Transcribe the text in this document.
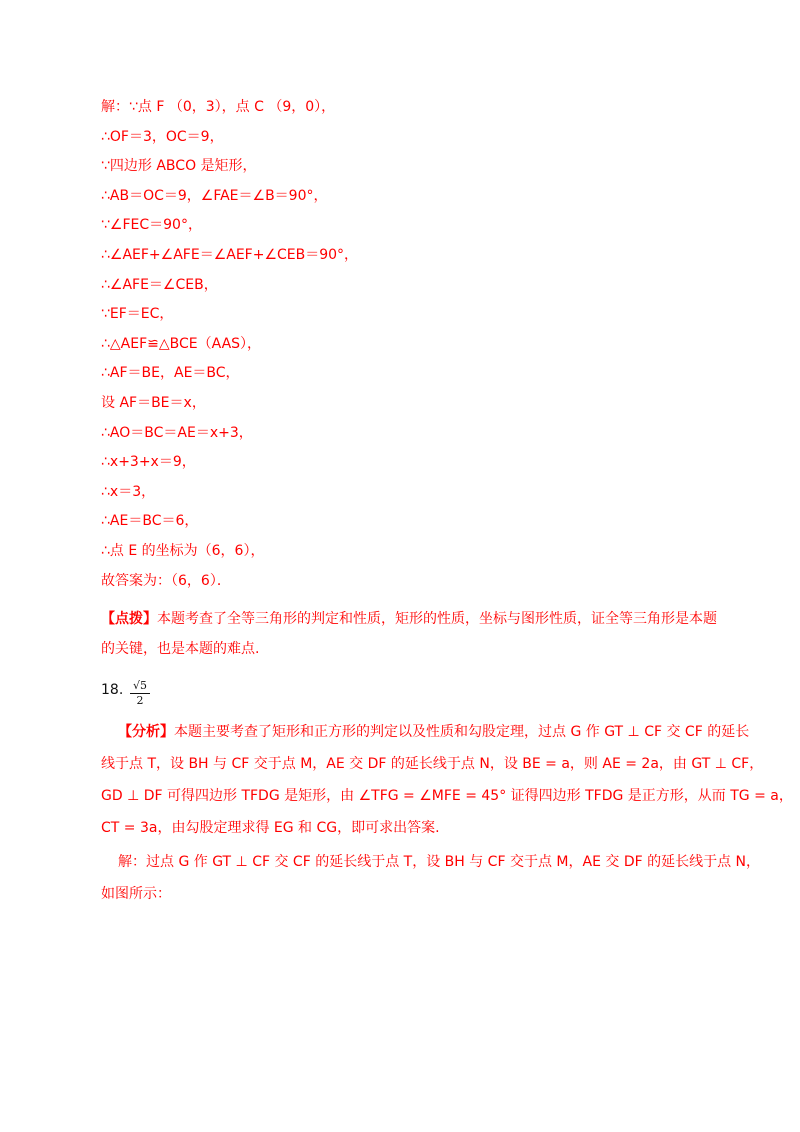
解：∵点 F （0，3），点 C （9，0），
∴OF＝3，OC＝9，
∵四边形 ABCO 是矩形，
∴AB＝OC＝9，∠FAE＝∠B＝90°，
∵∠FEC＝90°，
∴∠AEF+∠AFE＝∠AEF+∠CEB＝90°，
∴∠AFE＝∠CEB，
∵EF＝EC，
∴△AEF≌△BCE（AAS），
∴AF＝BE，AE＝BC，
设 AF＝BE＝x，
∴AO＝BC＝AE＝x+3，
∴x+3+x＝9，
∴x＝3，
∴AE＝BC＝6，
∴点 E 的坐标为（6，6），
故答案为：（6，6）．
【点拨】本题考查了全等三角形的判定和性质，矩形的性质，坐标与图形性质，证全等三角形是本题的关键，也是本题的难点.
18. √5
2
【分析】本题主要考查了矩形和正方形的判定以及性质和勾股定理，过点 G 作 GT ⊥ CF 交 CF 的延长
线于点 T，设 BH 与 CF 交于点 M，AE 交 DF 的延长线于点 N，设 BE = a，则 AE = 2a，由 GT ⊥ CF，
GD ⊥ DF 可得四边形 TFDG 是矩形，由 ∠TFG = ∠MFE = 45° 证得四边形 TFDG 是正方形，从而 TG = a，
CT = 3a，由勾股定理求得 EG 和 CG，即可求出答案.
解：过点 G 作 GT ⊥ CF 交 CF 的延长线于点 T，设 BH 与 CF 交于点 M，AE 交 DF 的延长线于点 N，
如图所示：
